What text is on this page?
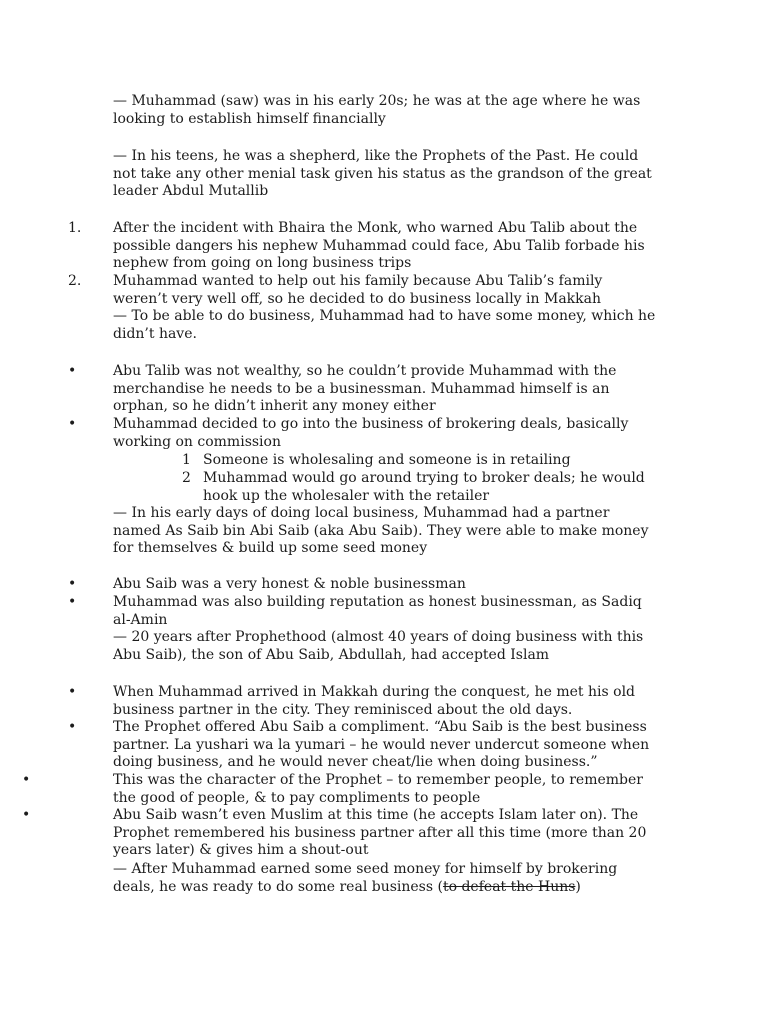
— Muhammad (saw) was in his early 20s; he was at the age where he was looking to establish himself financially

— In his teens, he was a shepherd, like the Prophets of the Past. He could not take any other menial task given his status as the grandson of the great leader Abdul Mutallib

1. After the incident with Bhaira the Monk, who warned Abu Talib about the possible dangers his nephew Muhammad could face, Abu Talib forbade his nephew from going on long business trips

2. Muhammad wanted to help out his family because Abu Talib’s family weren’t very well off, so he decided to do business locally in Makkah

— To be able to do business, Muhammad had to have some money, which he didn’t have.

•	Abu Talib was not wealthy, so he couldn’t provide Muhammad with the merchandise he needs to be a businessman. Muhammad himself is an orphan, so he didn’t inherit any money either

•	Muhammad decided to go into the business of brokering deals, basically working on commission

1 Someone is wholesaling and someone is in retailing

2 Muhammad would go around trying to broker deals; he would hook up the wholesaler with the retailer

— In his early days of doing local business, Muhammad had a partner named As Saib bin Abi Saib (aka Abu Saib). They were able to make money for themselves & build up some seed money

•	Abu Saib was a very honest & noble businessman

•	Muhammad was also building reputation as honest businessman, as Sadiq al-Amin

— 20 years after Prophethood (almost 40 years of doing business with this Abu Saib), the son of Abu Saib, Abdullah, had accepted Islam

•	When Muhammad arrived in Makkah during the conquest, he met his old business partner in the city. They reminisced about the old days.

•	The Prophet offered Abu Saib a compliment. “Abu Saib is the best business partner. La yushari wa la yumari – he would never undercut someone when doing business, and he would never cheat/lie when doing business.”

•	This was the character of the Prophet – to remember people, to remember the good of people, & to pay compliments to people

•	Abu Saib wasn’t even Muslim at this time (he accepts Islam later on). The Prophet remembered his business partner after all this time (more than 20 years later) & gives him a shout-out

— After Muhammad earned some seed money for himself by brokering deals, he was ready to do some real business (to defeat the Huns)
